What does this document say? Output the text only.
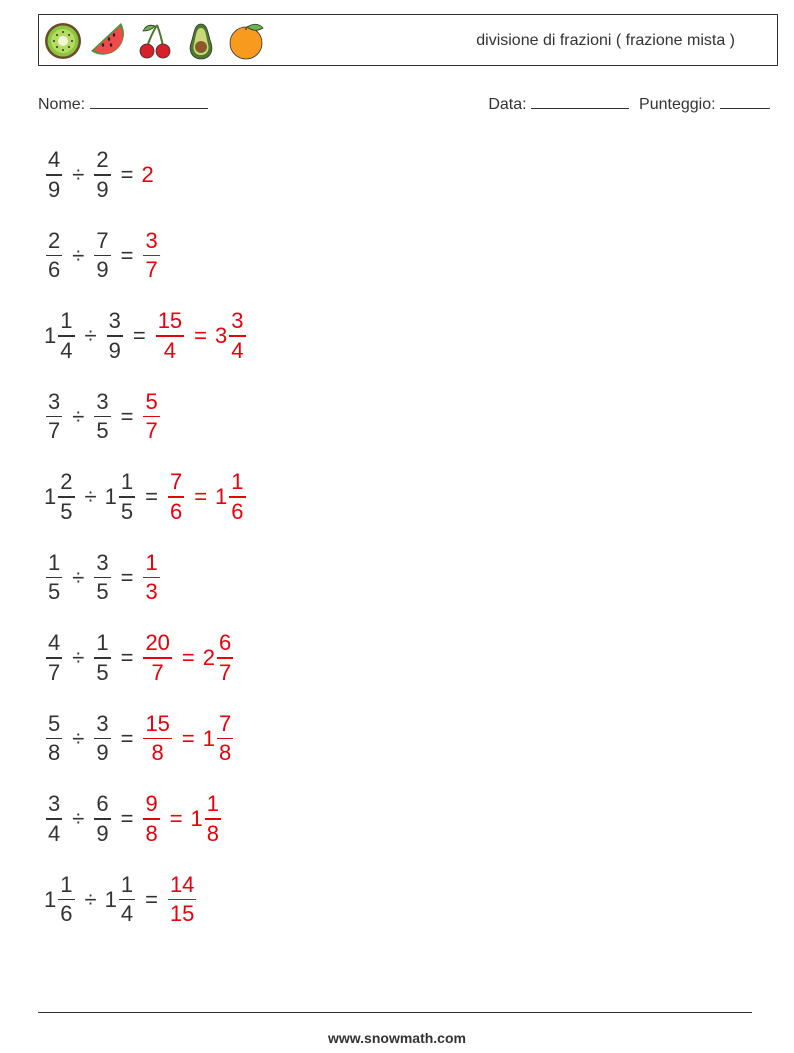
divisione di frazioni ( frazione mista )
Nome:	Data:	Punteggio:
$\frac{4}{9} \div \frac{2}{9} = 2$
$\frac{2}{6} \div \frac{7}{9} = \frac{3}{7}$
$1 \frac{1}{4} \div \frac{3}{9} = \frac{15}{4} = 3 \frac{3}{4}$
$\frac{3}{7} \div \frac{3}{5} = \frac{5}{7}$
$1 \frac{2}{5} \div 1 \frac{1}{5} = \frac{7}{6} = 1 \frac{1}{6}$
$\frac{1}{5} \div \frac{3}{5} = \frac{1}{3}$
$\frac{4}{7} \div \frac{1}{5} = \frac{20}{7} = 2 \frac{6}{7}$
$\frac{5}{8} \div \frac{3}{9} = \frac{15}{8} = 1 \frac{7}{8}$
$\frac{3}{4} \div \frac{6}{9} = \frac{9}{8} = 1 \frac{1}{8}$
$1 \frac{1}{6} \div 1 \frac{1}{4} = \frac{14}{15}$
www.snowmath.com
